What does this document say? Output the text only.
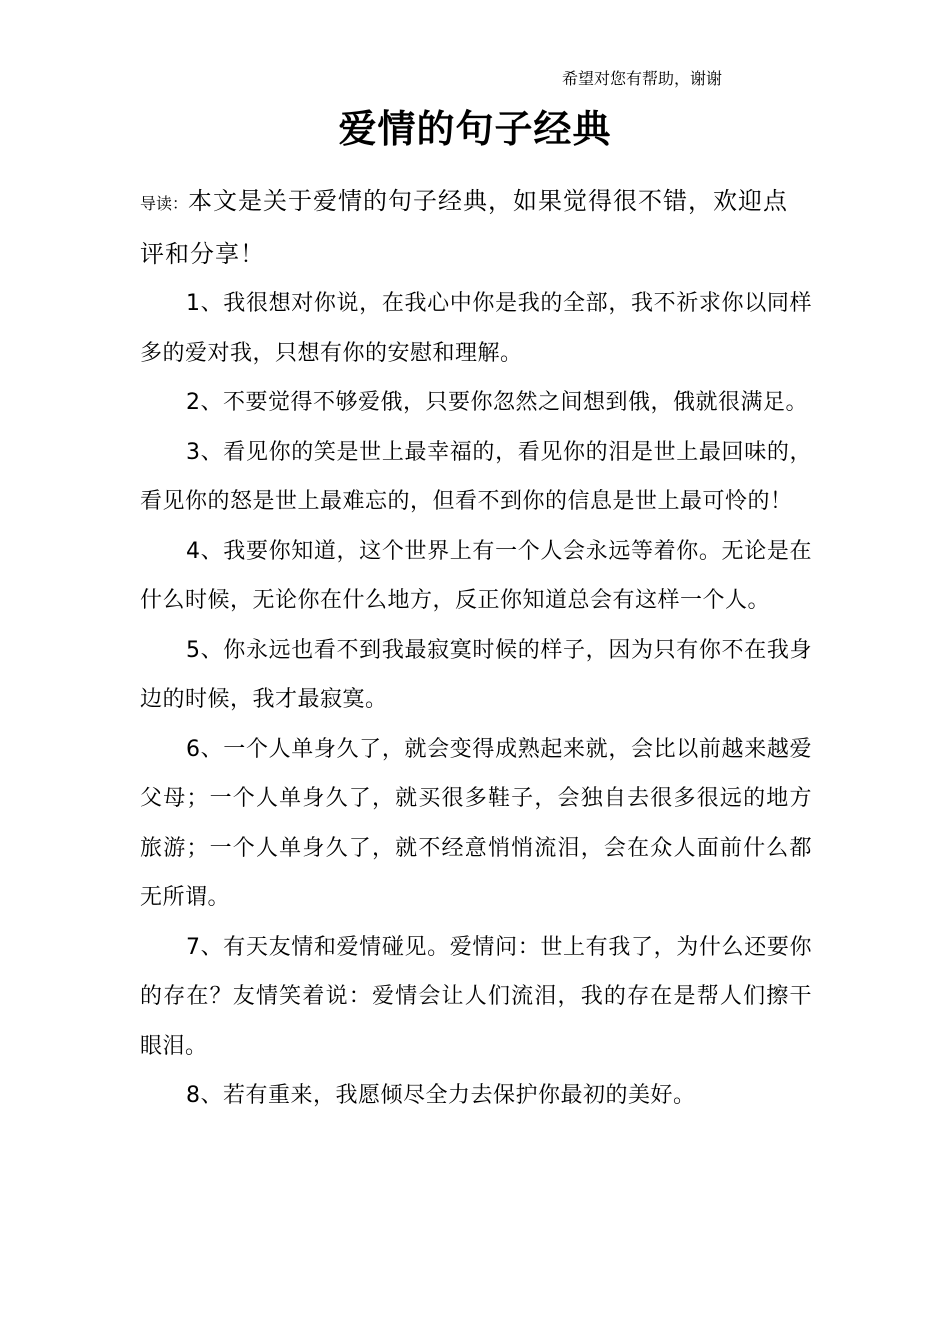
希望对您有帮助，谢谢
爱情的句子经典

导读：本文是关于爱情的句子经典，如果觉得很不错，欢迎点评和分享！

1、我很想对你说，在我心中你是我的全部，我不祈求你以同样多的爱对我，只想有你的安慰和理解。

2、不要觉得不够爱俄，只要你忽然之间想到俄，俄就很满足。

3、看见你的笑是世上最幸福的，看见你的泪是世上最回味的，看见你的怒是世上最难忘的，但看不到你的信息是世上最可怜的！

4、我要你知道，这个世界上有一个人会永远等着你。无论是在什么时候，无论你在什么地方，反正你知道总会有这样一个人。

5、你永远也看不到我最寂寞时候的样子，因为只有你不在我身边的时候，我才最寂寞。

6、一个人单身久了，就会变得成熟起来就，会比以前越来越爱父母；一个人单身久了，就买很多鞋子，会独自去很多很远的地方旅游；一个人单身久了，就不经意悄悄流泪，会在众人面前什么都无所谓。

7、有天友情和爱情碰见。爱情问：世上有我了，为什么还要你的存在？友情笑着说：爱情会让人们流泪，我的存在是帮人们擦干眼泪。

8、若有重来，我愿倾尽全力去保护你最初的美好。
